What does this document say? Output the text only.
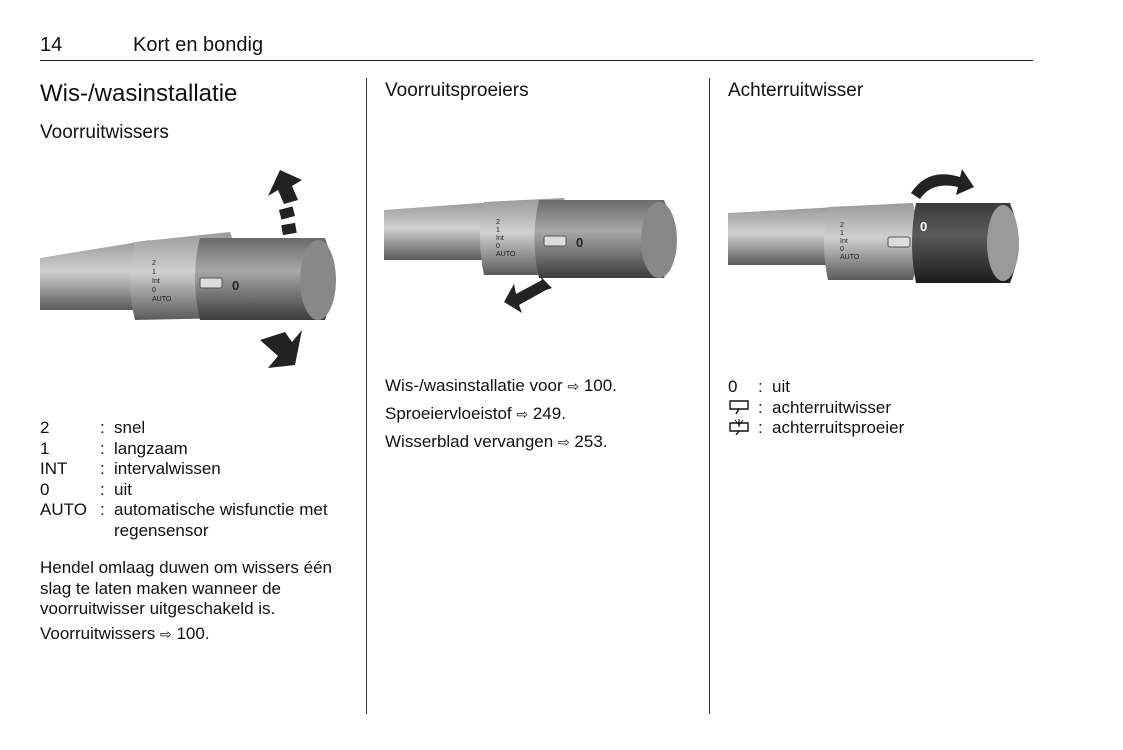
14	Kort en bondig
Wis-/wasinstallatie
Voorruitwissers
0
2
1
Int
0
AUTO
2	: snel
1	: langzaam
INT	: intervalwissen
0	: uit
AUTO : automatische wisfunctie met regensensor
Hendel omlaag duwen om wissers één slag te laten maken wanneer de voorruitwisser uitgeschakeld is.
Voorruitwissers ⇨ 100.
Voorruitsproeiers
0
2
1
Int
0
AUTO
Wis-/wasinstallatie voor ⇨ 100.
Sproeiervloeistof ⇨ 249.
Wisserblad vervangen ⇨ 253.
Achterruitwisser
0
2
1
Int
0
AUTO
0	: uit
: achterruitwisser
: achterruitsproeier
